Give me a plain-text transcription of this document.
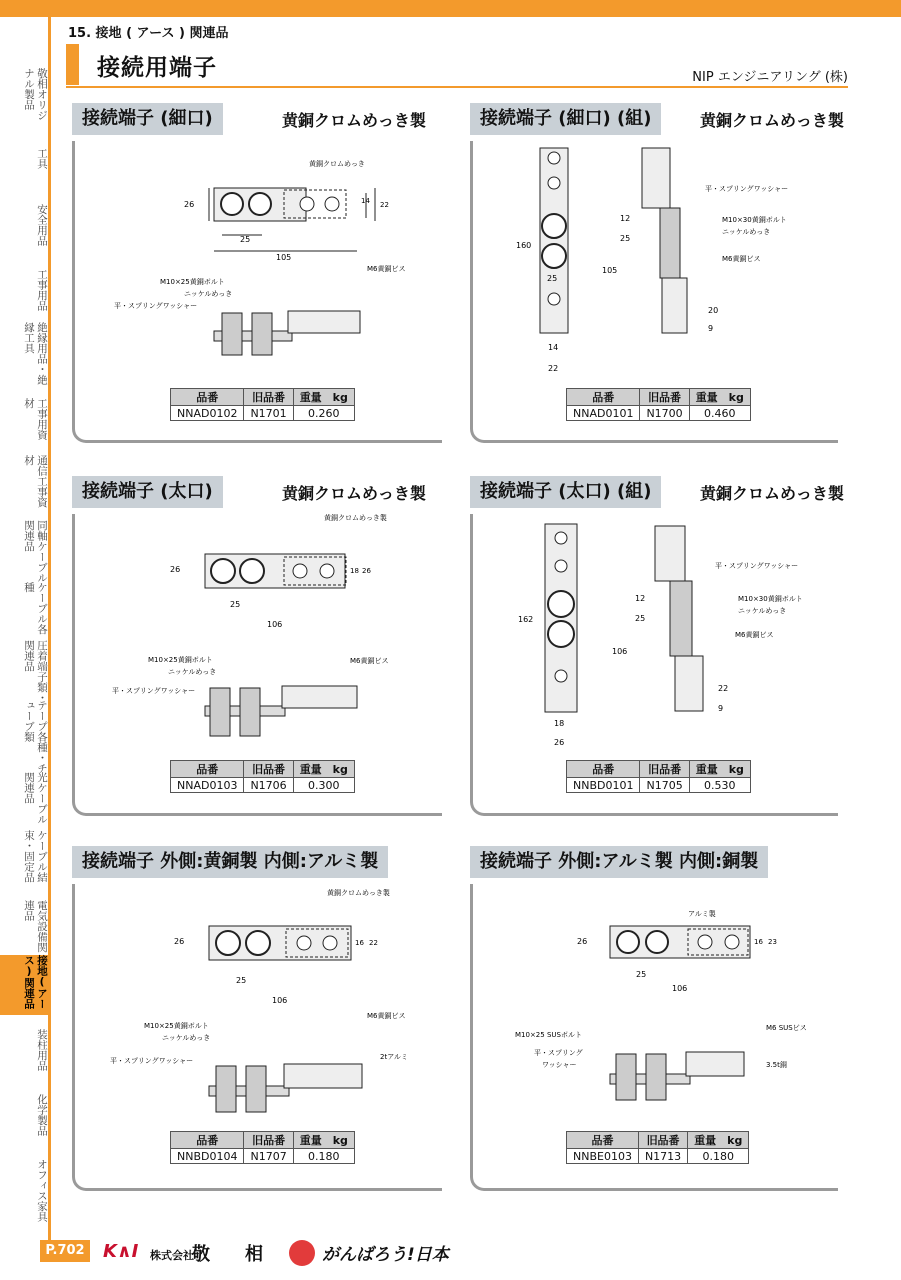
15. 接地 ( アース ) 関連品
接続用端子	NIP エンジニアリング (株)
敬相オリジナル製品
工具
安全用品
工事用品
絶縁用品・絶縁工具
工事用資材
通信工事資材
同軸ケーブル関連品
ケーブル各種
圧着端子類・関連品
テープ各種・チューブ類
光ケーブル関連品
ケーブル結束・固定品
電気設備関連品
接地(アース)関連品
装柱用品
化学製品
オフィス家具
接続端子 (細口)	黄銅クロムめっき製
黄銅クロムめっき
26	14 22
25
105
M10×25黄銅ボルト
ニッケルめっき
平・スプリングワッシャー
M6黄銅ビス
品番	旧品番	重量　kg
NNAD0102	N1701	0.260
接続端子 (細口) (組)	黄銅クロムめっき製
平・スプリングワッシャー
M10×30黄銅ボルト
ニッケルめっき
M6黄銅ビス
160
25
14
22
12
25
105
20
9
品番	旧品番	重量　kg
NNAD0101	N1700	0.460
接続端子 (太口)	黄銅クロムめっき製
黄銅クロムめっき製
26	18 26
25
106
M10×25黄銅ボルト
ニッケルめっき
平・スプリングワッシャー
M6黄銅ビス
品番	旧品番	重量　kg
NNAD0103	N1706	0.300
接続端子 (太口) (組)	黄銅クロムめっき製
平・スプリングワッシャー
M10×30黄銅ボルト
ニッケルめっき
M6黄銅ビス
162
18
26
12
25
106
22
9
品番	旧品番	重量　kg
NNBD0101	N1705	0.530
接続端子 外側:黄銅製 内側:アルミ製
黄銅クロムめっき製
26	16 22
25
106
M10×25黄銅ボルト
ニッケルめっき
平・スプリングワッシャー
M6黄銅ビス
2tアルミ
品番	旧品番	重量　kg
NNBD0104	N1707	0.180
接続端子 外側:アルミ製 内側:銅製
アルミ製
26	16 23
25
106
M10×25 SUSボルト
平・スプリング
ワッシャー
M6 SUSビス
3.5t銅
品番	旧品番	重量　kg
NNBE0103	N1713	0.180
P.702 K∧I 株式会社
敬 相	がんばろう!日本
